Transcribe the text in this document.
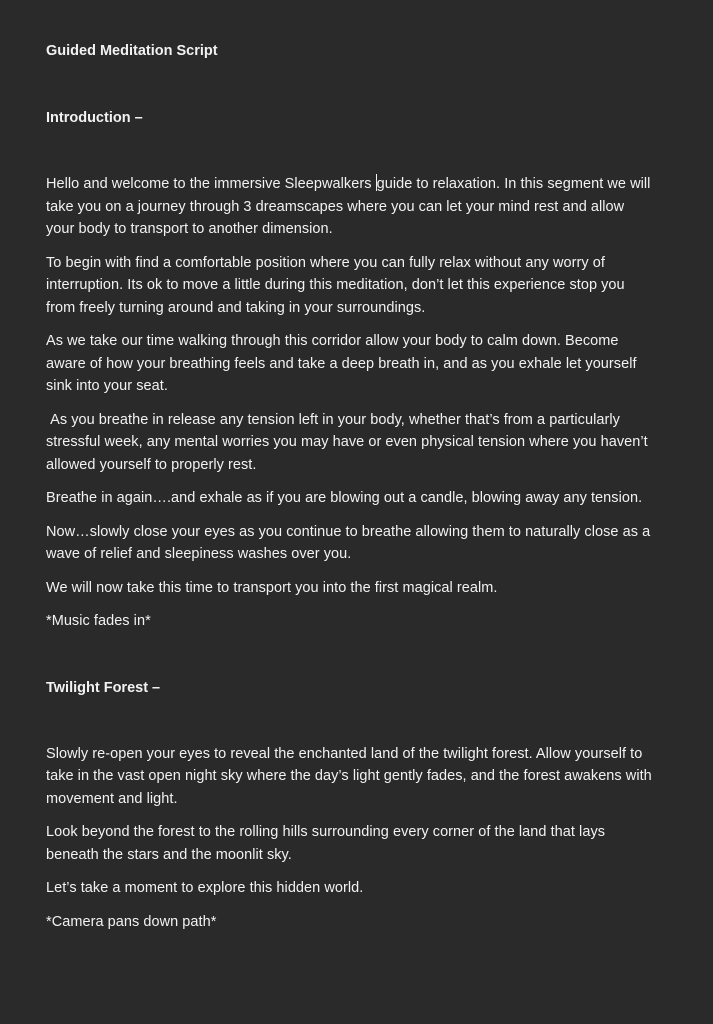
Guided Meditation Script

Introduction –

Hello and welcome to the immersive Sleepwalkers guide to relaxation. In this segment we will take you on a journey through 3 dreamscapes where you can let your mind rest and allow your body to transport to another dimension.

To begin with find a comfortable position where you can fully relax without any worry of interruption. Its ok to move a little during this meditation, don’t let this experience stop you from freely turning around and taking in your surroundings.

As we take our time walking through this corridor allow your body to calm down. Become aware of how your breathing feels and take a deep breath in, and as you exhale let yourself sink into your seat.

As you breathe in release any tension left in your body, whether that’s from a particularly stressful week, any mental worries you may have or even physical tension where you haven’t allowed yourself to properly rest.

Breathe in again….and exhale as if you are blowing out a candle, blowing away any tension.

Now…slowly close your eyes as you continue to breathe allowing them to naturally close as a wave of relief and sleepiness washes over you.

We will now take this time to transport you into the first magical realm.

*Music fades in*

Twilight Forest –

Slowly re-open your eyes to reveal the enchanted land of the twilight forest. Allow yourself to take in the vast open night sky where the day’s light gently fades, and the forest awakens with movement and light.

Look beyond the forest to the rolling hills surrounding every corner of the land that lays beneath the stars and the moonlit sky.

Let’s take a moment to explore this hidden world.

*Camera pans down path*
